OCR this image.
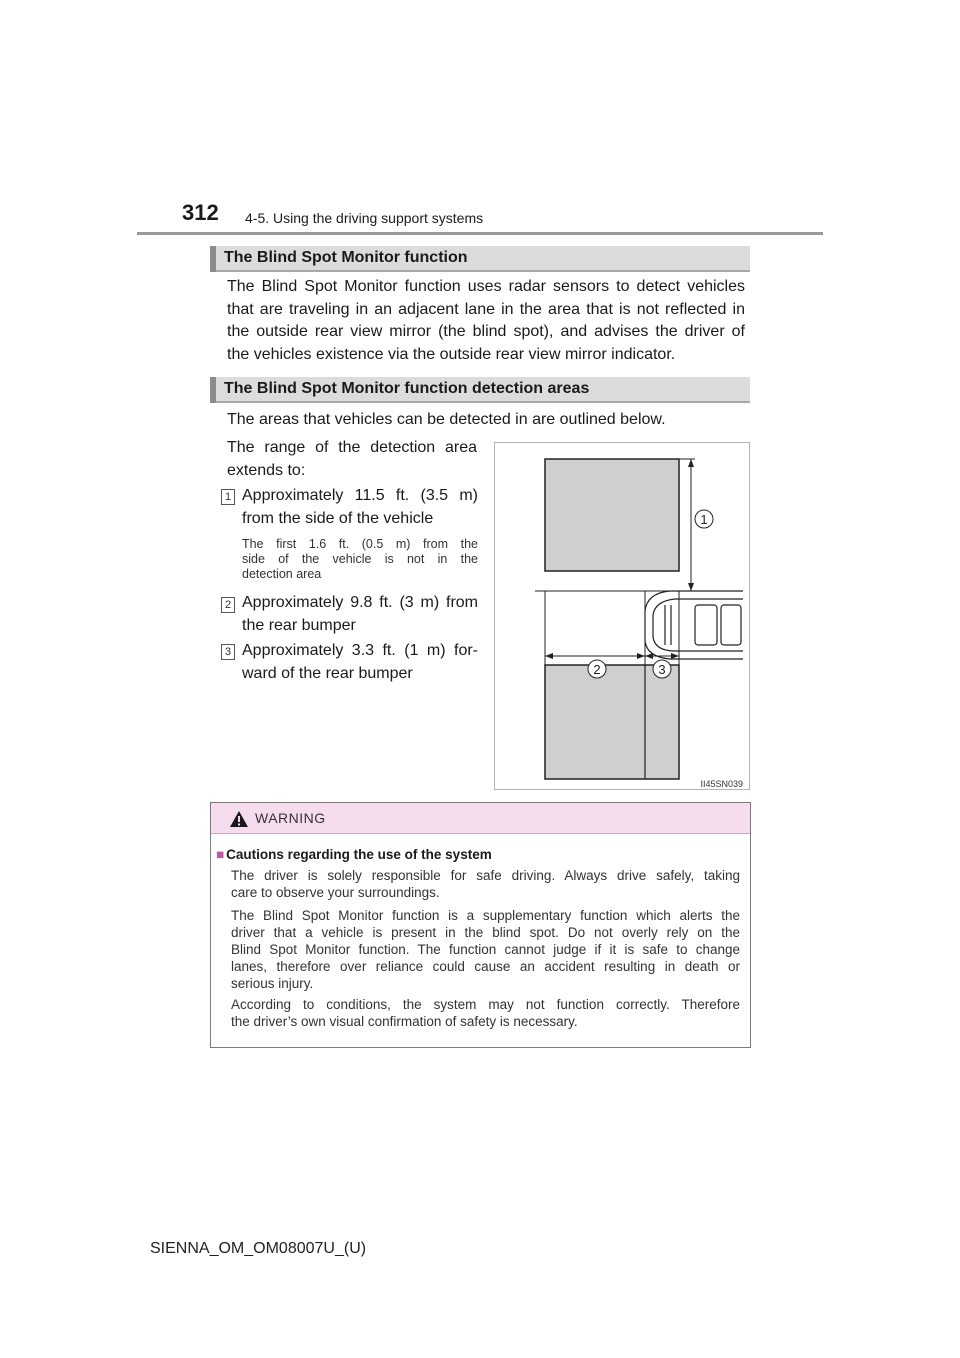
312 4-5. Using the driving support systems
The Blind Spot Monitor function
The Blind Spot Monitor function uses radar sensors to detect vehicles
that are traveling in an adjacent lane in the area that is not reflected in
the outside rear view mirror (the blind spot), and advises the driver of
the vehicles existence via the outside rear view mirror indicator.
The Blind Spot Monitor function detection areas
The areas that vehicles can be detected in are outlined below.
The range of the detection area
extends to:
1 Approximately 11.5 ft. (3.5 m)
from the side of the vehicle
The first 1.6 ft. (0.5 m) from the
side of the vehicle is not in the
detection area
2 Approximately 9.8 ft. (3 m) from
the rear bumper
3 Approximately 3.3 ft. (1 m) for-
ward of the rear bumper
1
2	3
II45SN039
WARNING
■ Cautions regarding the use of the system
The driver is solely responsible for safe driving. Always drive safely, taking
care to observe your surroundings.
The Blind Spot Monitor function is a supplementary function which alerts the
driver that a vehicle is present in the blind spot. Do not overly rely on the
Blind Spot Monitor function. The function cannot judge if it is safe to change
lanes, therefore over reliance could cause an accident resulting in death or
serious injury.
According to conditions, the system may not function correctly. Therefore
the driver’s own visual confirmation of safety is necessary.
SIENNA_OM_OM08007U_(U)
